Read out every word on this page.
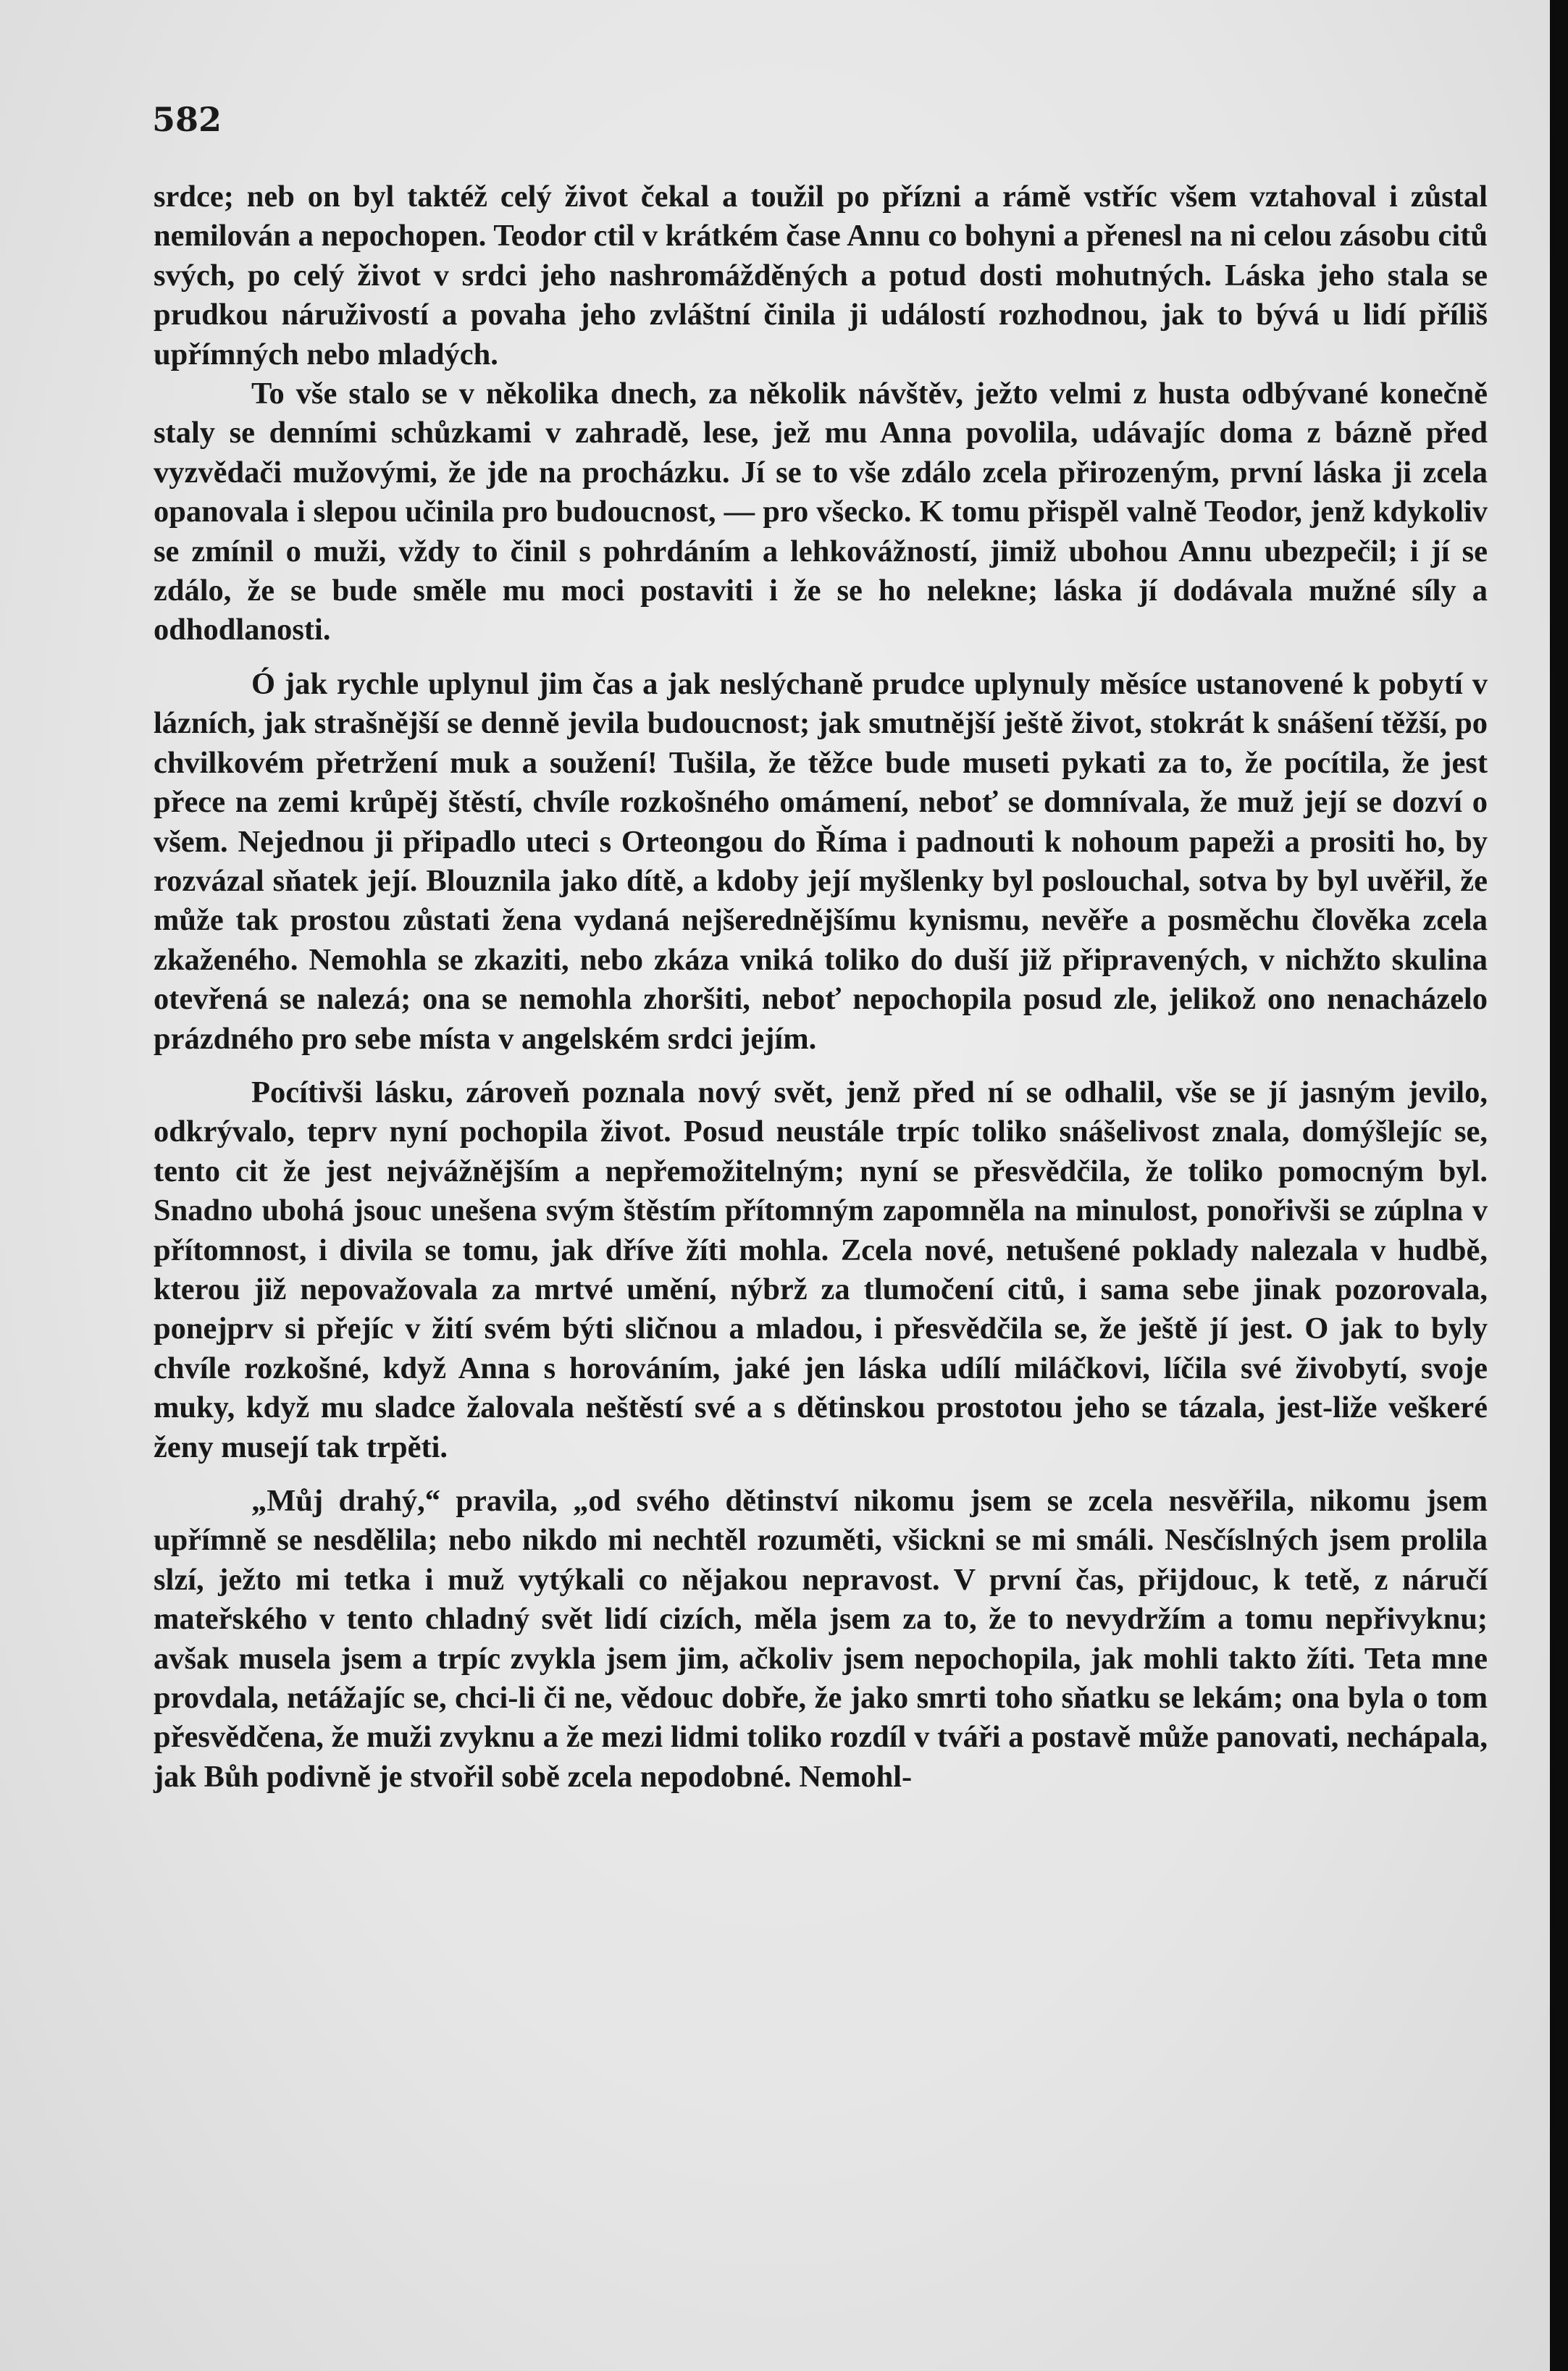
582

srdce; neb on byl taktéž celý život čekal a toužil po přízni a rámě vstříc všem vztahoval i zůstal nemilován a nepochopen. Teodor ctil v krátkém čase Annu co bohyni a přenesl na ni celou zásobu citů svých, po celý život v srdci jeho nashromážděných a potud dosti mohutných. Láska jeho stala se prudkou náruživostí a povaha jeho zvláštní činila ji událostí rozhodnou, jak to bývá u lidí příliš upřímných nebo mladých.

To vše stalo se v několika dnech, za několik návštěv, ježto velmi z husta odbývané konečně staly se denními schůzkami v zahradě, lese, jež mu Anna povolila, udávajíc doma z bázně před vyzvědači mužovými, že jde na procházku. Jí se to vše zdálo zcela přirozeným, první láska ji zcela opanovala i slepou učinila pro budoucnost, — pro všecko. K tomu přispěl valně Teodor, jenž kdykoliv se zmínil o muži, vždy to činil s pohrdáním a lehkovážností, jimiž ubohou Annu ubezpečil; i jí se zdálo, že se bude směle mu moci postaviti i že se ho nelekne; láska jí dodávala mužné síly a odhodlanosti.

Ó jak rychle uplynul jim čas a jak neslýchaně prudce uplynuly měsíce ustanovené k pobytí v lázních, jak strašnější se denně jevila budoucnost; jak smutnější ještě život, stokrát k snášení těžší, po chvilkovém přetržení muk a soužení! Tušila, že těžce bude museti pykati za to, že pocítila, že jest přece na zemi krůpěj štěstí, chvíle rozkošného omámení, neboť se domnívala, že muž její se dozví o všem. Nejednou ji připadlo uteci s Orteongou do Říma i padnouti k nohoum papeži a prositi ho, by rozvázal sňatek její. Blouznila jako dítě, a kdoby její myšlenky byl poslouchal, sotva by byl uvěřil, že může tak prostou zůstati žena vydaná nejšerednějšímu kynismu, nevěře a posměchu člověka zcela zkaženého. Nemohla se zkaziti, nebo zkáza vniká toliko do duší již připravených, v nichžto skulina otevřená se nalezá; ona se nemohla zhoršiti, neboť nepochopila posud zle, jelikož ono nenacházelo prázdného pro sebe místa v angelském srdci jejím.

Pocítivši lásku, zároveň poznala nový svět, jenž před ní se odhalil, vše se jí jasným jevilo, odkrývalo, teprv nyní pochopila život. Posud neustále trpíc toliko snášelivost znala, domýšlejíc se, tento cit že jest nejvážnějším a nepřemožitelným; nyní se přesvědčila, že toliko pomocným byl. Snadno ubohá jsouc unešena svým štěstím přítomným zapomněla na minulost, ponořivši se zúplna v přítomnost, i divila se tomu, jak dříve žíti mohla. Zcela nové, netušené poklady nalezala v hudbě, kterou již nepovažovala za mrtvé umění, nýbrž za tlumočení citů, i sama sebe jinak pozorovala, ponejprv si přejíc v žití svém býti sličnou a mladou, i přesvědčila se, že ještě jí jest. O jak to byly chvíle rozkošné, když Anna s horováním, jaké jen láska udílí miláčkovi, líčila své živobytí, svoje muky, když mu sladce žalovala neštěstí své a s dětinskou prostotou jeho se tázala, jest-liže veškeré ženy musejí tak trpěti.

„Můj drahý,“ pravila, „od svého dětinství nikomu jsem se zcela nesvěřila, nikomu jsem upřímně se nesdělila; nebo nikdo mi nechtěl rozuměti, všickni se mi smáli. Nesčíslných jsem prolila slzí, ježto mi tetka i muž vytýkali co nějakou nepravost. V první čas, přijdouc, k tetě, z náručí mateřského v tento chladný svět lidí cizích, měla jsem za to, že to nevydržím a tomu nepřivyknu; avšak musela jsem a trpíc zvykla jsem jim, ačkoliv jsem nepochopila, jak mohli takto žíti. Teta mne provdala, netážajíc se, chci-li či ne, vědouc dobře, že jako smrti toho sňatku se lekám; ona byla o tom přesvědčena, že muži zvyknu a že mezi lidmi toliko rozdíl v tváři a postavě může panovati, nechápala, jak Bůh podivně je stvořil sobě zcela nepodobné. Nemohl-
